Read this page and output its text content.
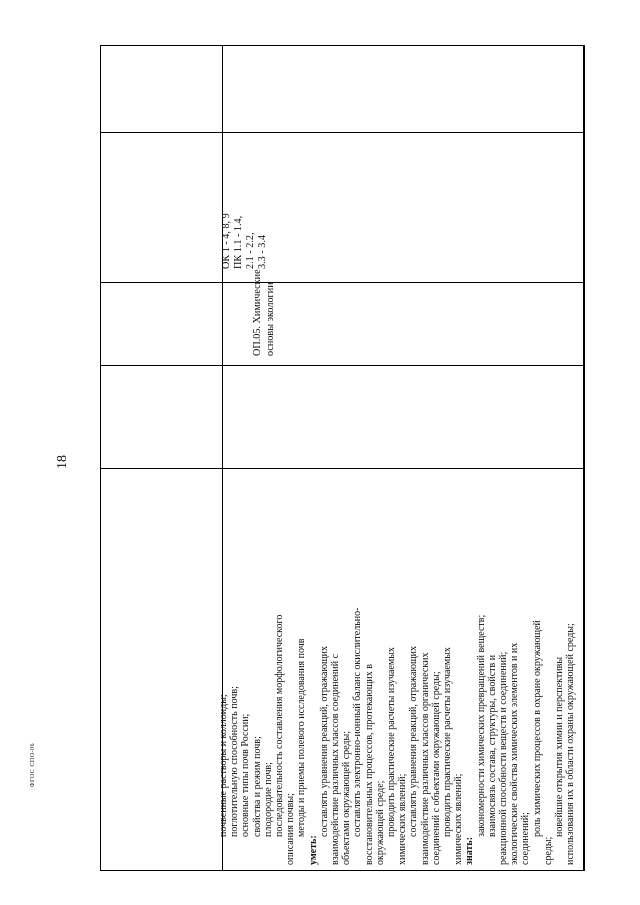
18
ФГОС СПО-06	почвенные растворы и коллоиды; поглотительную способность почв; основные типы почв России; свойства и режим почв; плодородие почв; последовательность составления морфологического описания почвы; методы и приемы полевого исследования почв

уметь:

составлять уравнения реакций, отражающих взаимодействие различных классов соединений с объектами окружающей среды; составлять электронно-ионный баланс окислительно- восстановительных процессов, протекающих в окружающей среде; проводить практические расчеты изучаемых химических явлений; составлять уравнения реакций, отражающих взаимодействие различных классов органических соединений с объектами окружающей среды; проводить практические расчеты изучаемых химических явлений; знать:

закономерности химических превращений веществ; взаимосвязь состава, структуры, свойств и реакционной способности веществ и соединений; экологические свойства химических элементов и их соединений;

роль химических процессов в охране окружающей

среды;

новейшие открытия химии и перспективы использования их в области охраны окружающей среды;

ОП.05. Химические основы экологии

ОК 1 - 4, 8, 9 ПК 1.1 - 1.4, 2.1 - 2.2, 3.3 - 3.4
